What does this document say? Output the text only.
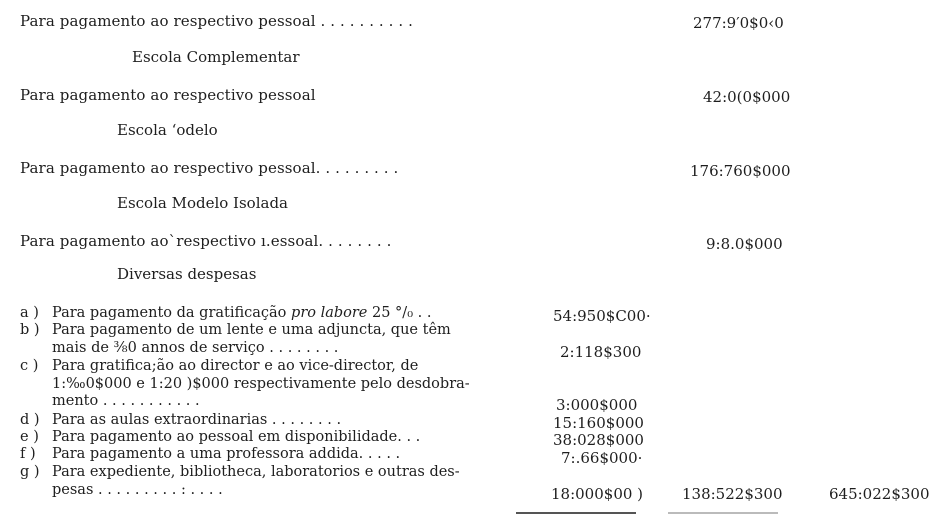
Para pagamento ao respectivo pessoal . . . . . . . . . .	277:9′0$0‹0
Escola Complementar
Para pagamento ao respectivo pessoal	42:0(0$000
Escola ‘odelo
Para pagamento ao respectivo pessoal. . . . . . . . .	176:760$000
Escola Modelo Isolada
Para pagamento ao`respectivo ı.essoal. . . . . . . .	9:8.0$000
Diversas despesas
a ) Para pagamento da gratificação pro labore 25 °/₀ . .	54:950$C00·
b ) Para pagamento de um lente e uma adjuncta, que têm
mais de ⅜0 annos de serviço . . . . . . . .	2:118$300
c ) Para gratifica;ão ao director e ao vice-director, de
1:‰0$000 e 1:20 )$000 respectivamente pelo desdobra-
mento . . . . . . . . . . .	3:000$000
d ) Para as aulas extraordinarias . . . . . . . .	15:160$000
e ) Para pagamento ao pessoal em disponibilidade. . .	38:028$000
f ) Para pagamento a uma professora addida. . . . .	7:.66$000·
g ) Para expediente, bibliotheca, laboratorios e outras des-
pesas . . . . . . . . . : . . . .	18:000$00 )	138:522$300	645:022$300
